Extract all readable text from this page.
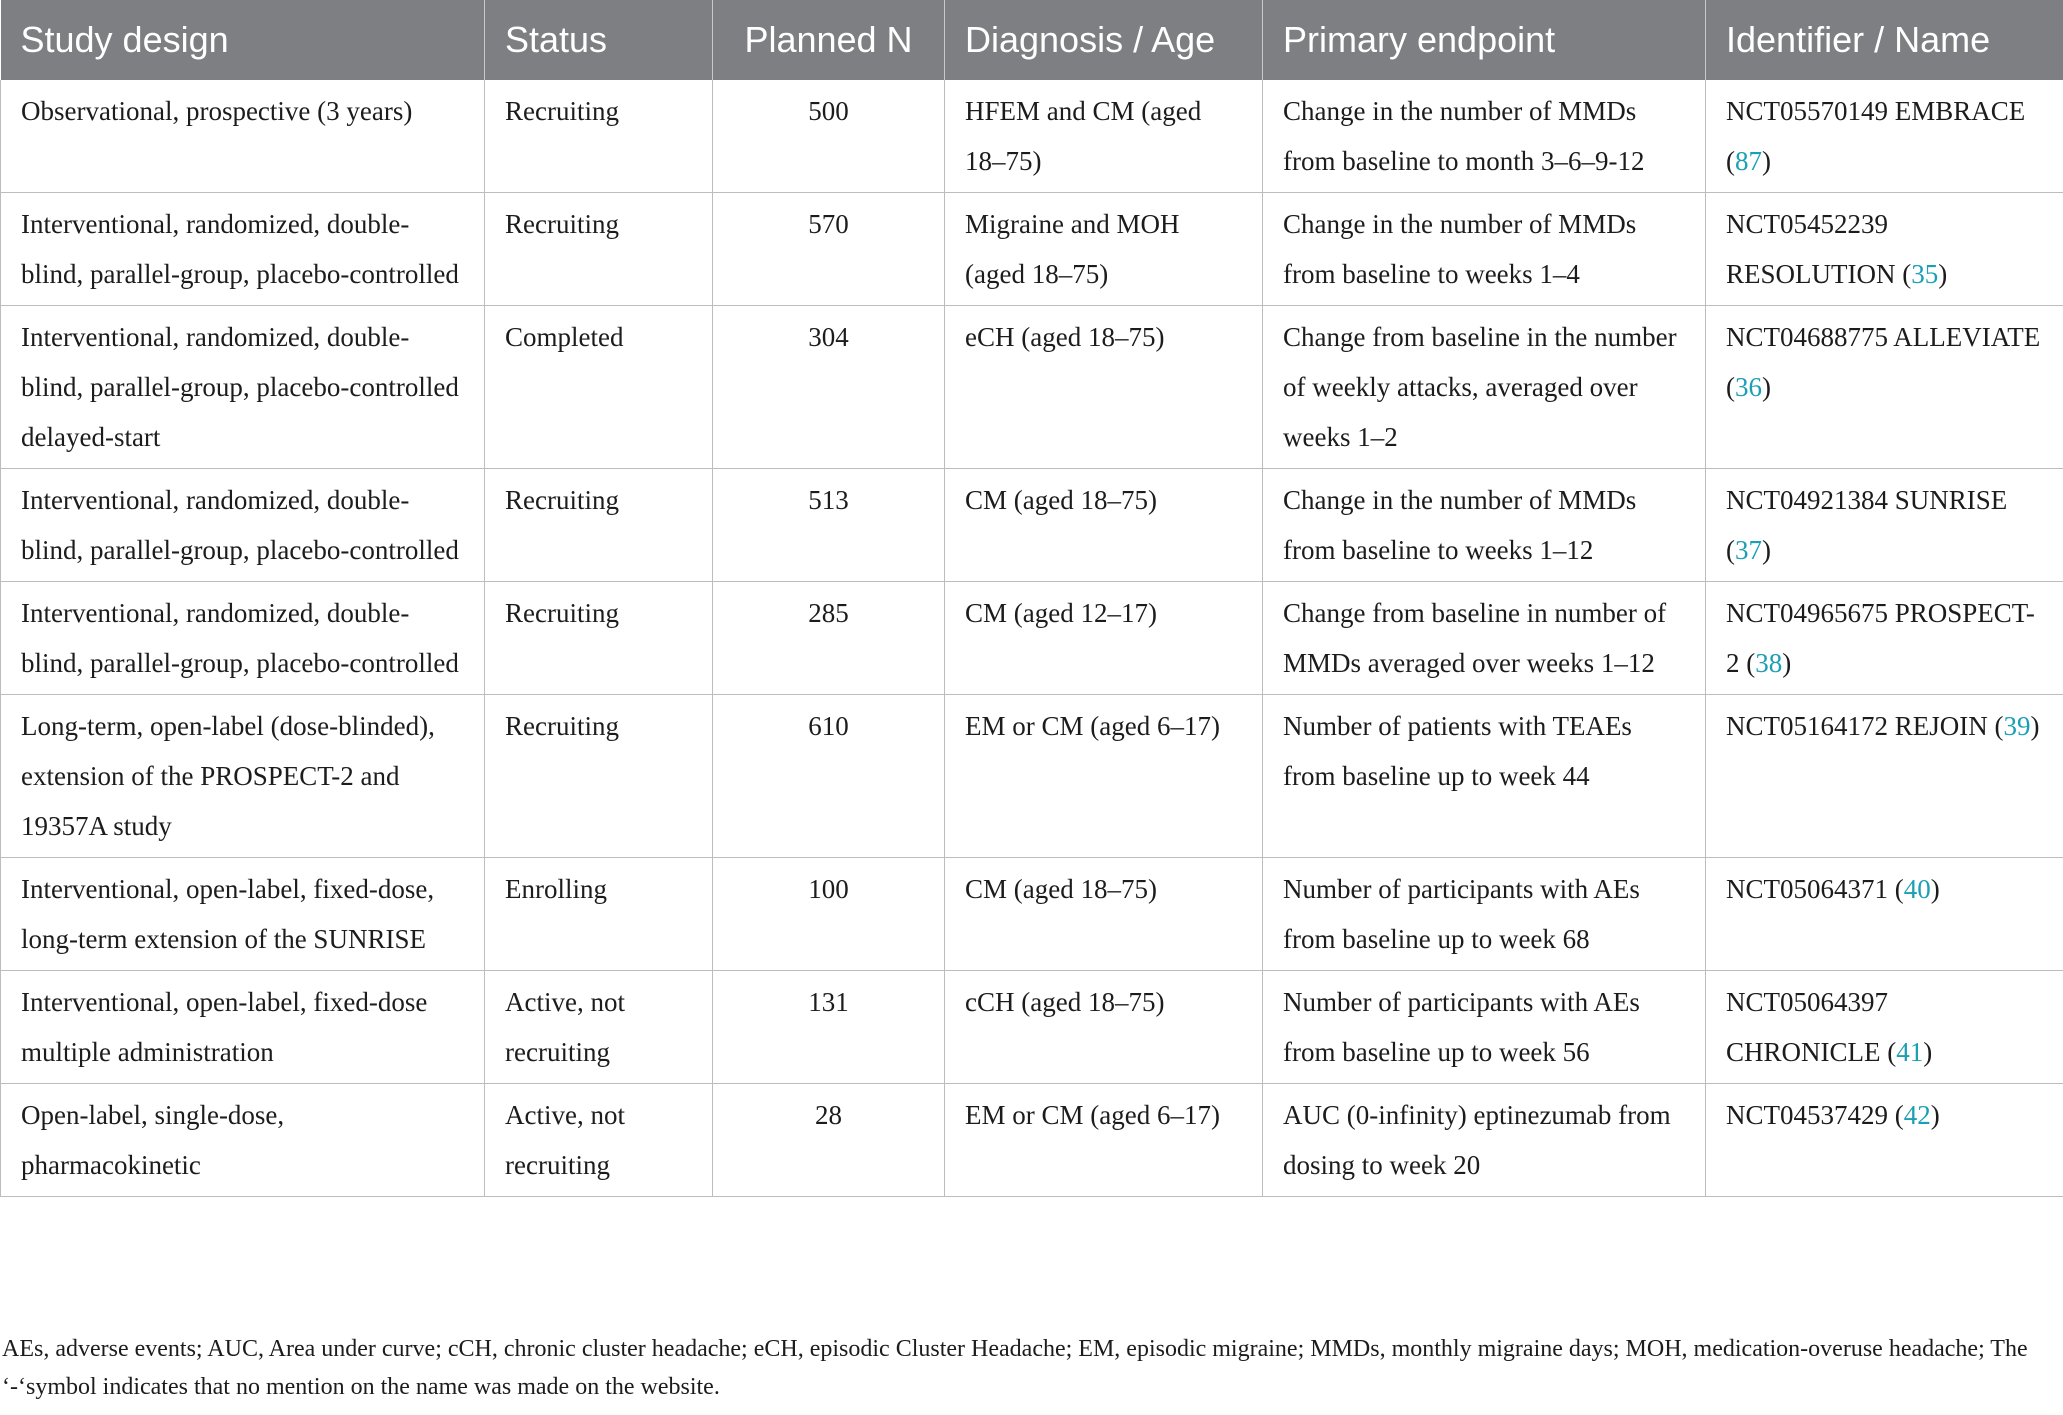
Study design	Status	Planned N	Diagnosis / Age	Primary endpoint	Identifier / Name
Observational, prospective (3 years)	Recruiting	500	HFEM and CM (aged 18–75)	Change in the number of MMDs from baseline to month 3–6–9-12	NCT05570149 EMBRACE (87)
Interventional, randomized, double-blind, parallel-group, placebo-controlled	Recruiting	570	Migraine and MOH (aged 18–75)	Change in the number of MMDs from baseline to weeks 1–4	NCT05452239 RESOLUTION (35)
Interventional, randomized, double-blind, parallel-group, placebo-controlled delayed-start	Completed	304	eCH (aged 18–75)	Change from baseline in the number of weekly attacks, averaged over weeks 1–2	NCT04688775 ALLEVIATE (36)
Interventional, randomized, double-blind, parallel-group, placebo-controlled	Recruiting	513	CM (aged 18–75)	Change in the number of MMDs from baseline to weeks 1–12	NCT04921384 SUNRISE (37)
Interventional, randomized, double-blind, parallel-group, placebo-controlled	Recruiting	285	CM (aged 12–17)	Change from baseline in number of MMDs averaged over weeks 1–12	NCT04965675 PROSPECT-2 (38)
Long-term, open-label (dose-blinded), extension of the PROSPECT-2 and 19357A study	Recruiting	610	EM or CM (aged 6–17)	Number of patients with TEAEs from baseline up to week 44	NCT05164172 REJOIN (39)
Interventional, open-label, fixed-dose, long-term extension of the SUNRISE	Enrolling	100	CM (aged 18–75)	Number of participants with AEs from baseline up to week 68	NCT05064371 (40)
Interventional, open-label, fixed-dose multiple administration	Active, not recruiting	131	cCH (aged 18–75)	Number of participants with AEs from baseline up to week 56	NCT05064397 CHRONICLE (41)
Open-label, single-dose, pharmacokinetic	Active, not recruiting	28	EM or CM (aged 6–17)	AUC (0-infinity) eptinezumab from dosing to week 20	NCT04537429 (42)
AEs, adverse events; AUC, Area under curve; cCH, chronic cluster headache; eCH, episodic Cluster Headache; EM, episodic migraine; MMDs, monthly migraine days; MOH, medication-overuse headache; The ‘-‘symbol indicates that no mention on the name was made on the website.
